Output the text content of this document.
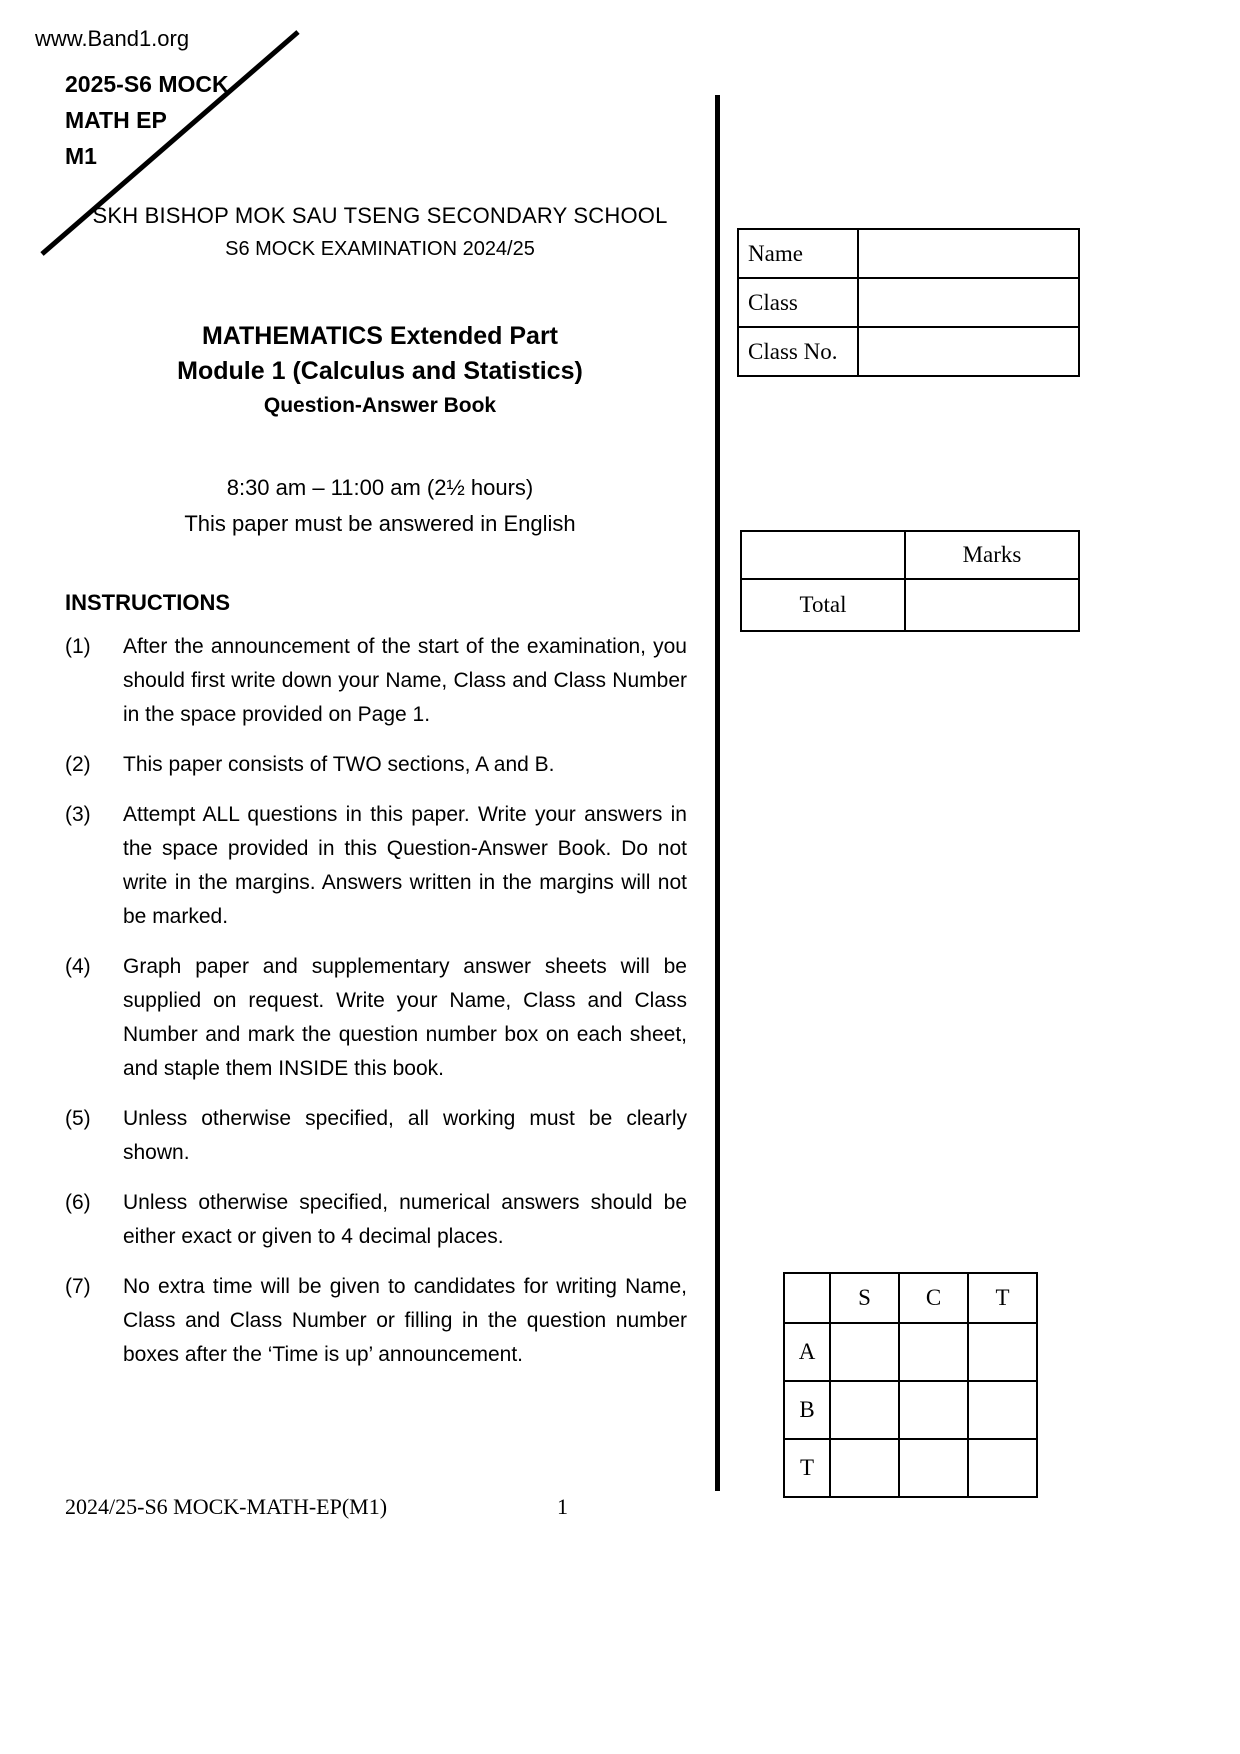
www.Band1.org
2025-S6 MOCK
MATH EP
M1
SKH BISHOP MOK SAU TSENG SECONDARY SCHOOL
S6 MOCK EXAMINATION 2024/25
MATHEMATICS Extended Part
Module 1 (Calculus and Statistics)
Question-Answer Book
8:30 am – 11:00 am (2½ hours)
This paper must be answered in English
Name	
Class	
Class No.	
	Marks
Total	
INSTRUCTIONS
(1)	After the announcement of the start of the examination, you should first write down your Name, Class and Class Number in the space provided on Page 1.
(2)	This paper consists of TWO sections, A and B.
(3)	Attempt ALL questions in this paper. Write your answers in the space provided in this Question-Answer Book. Do not write in the margins. Answers written in the margins will not be marked.
(4)	Graph paper and supplementary answer sheets will be supplied on request. Write your Name, Class and Class Number and mark the question number box on each sheet, and staple them INSIDE this book.
(5)	Unless otherwise specified, all working must be clearly shown.
(6)	Unless otherwise specified, numerical answers should be either exact or given to 4 decimal places.
(7)	No extra time will be given to candidates for writing Name, Class and Class Number or filling in the question number boxes after the ‘Time is up’ announcement.
	S	C	T
A			
B			
T			
2024/25-S6 MOCK-MATH-EP(M1)	1
